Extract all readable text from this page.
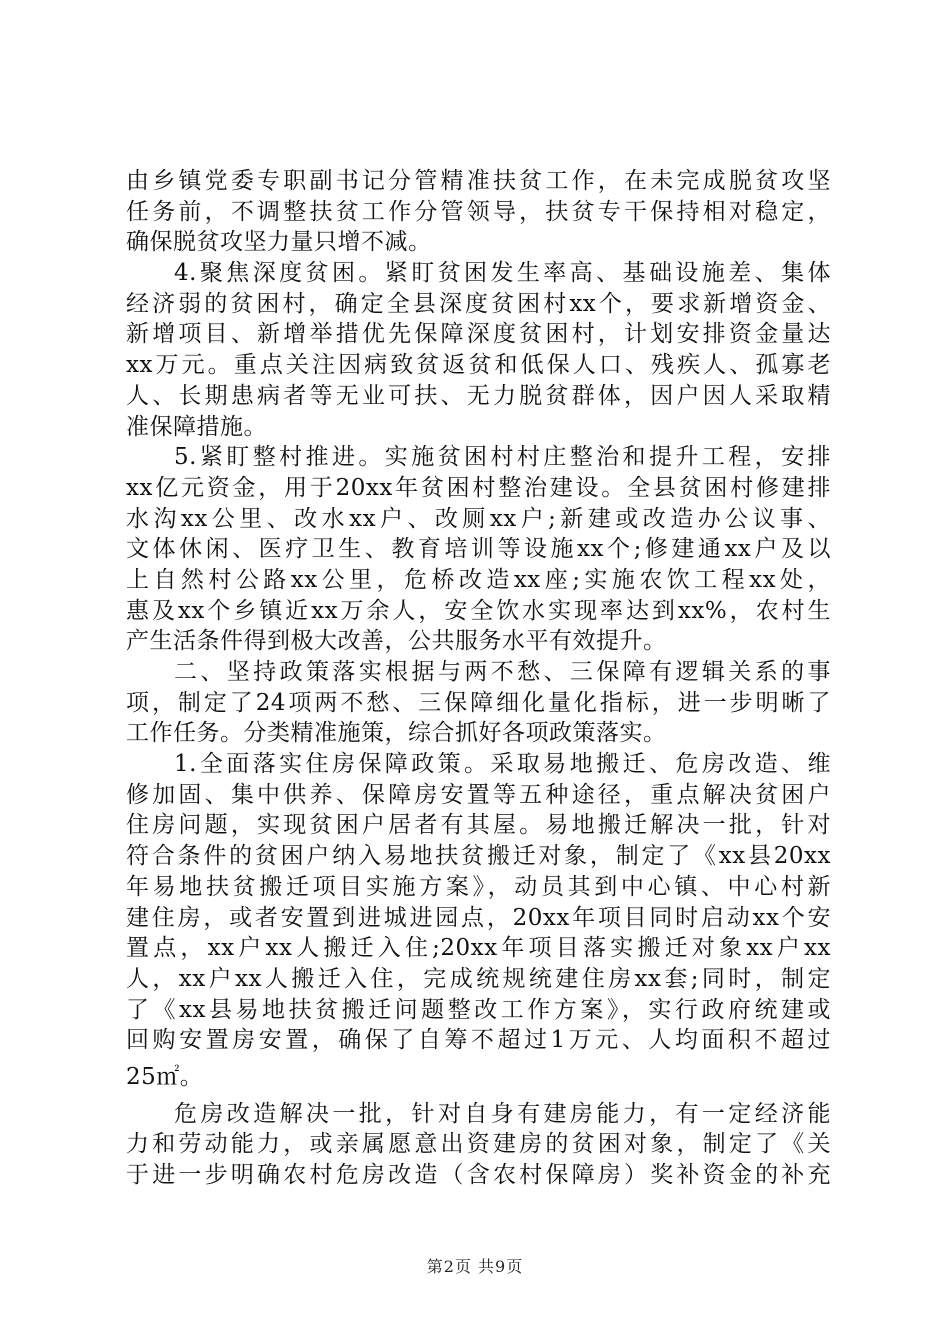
由乡镇党委专职副书记分管精准扶贫工作，在未完成脱贫攻坚
任务前，不调整扶贫工作分管领导，扶贫专干保持相对稳定，
确保脱贫攻坚力量只增不减。
4.聚焦深度贫困。紧盯贫困发生率高、基础设施差、集体
经济弱的贫困村，确定全县深度贫困村xx个，要求新增资金、
新增项目、新增举措优先保障深度贫困村，计划安排资金量达
xx万元。重点关注因病致贫返贫和低保人口、残疾人、孤寡老
人、长期患病者等无业可扶、无力脱贫群体，因户因人采取精
准保障措施。
5.紧盯整村推进。实施贫困村村庄整治和提升工程，安排
xx亿元资金，用于20xx年贫困村整治建设。全县贫困村修建排
水沟xx公里、改水xx户、改厕xx户;新建或改造办公议事、
文体休闲、医疗卫生、教育培训等设施xx个;修建通xx户及以
上自然村公路xx公里，危桥改造xx座;实施农饮工程xx处，
惠及xx个乡镇近xx万余人，安全饮水实现率达到xx%，农村生
产生活条件得到极大改善，公共服务水平有效提升。
二、坚持政策落实根据与两不愁、三保障有逻辑关系的事
项，制定了24项两不愁、三保障细化量化指标，进一步明晰了
工作任务。分类精准施策，综合抓好各项政策落实。
1.全面落实住房保障政策。采取易地搬迁、危房改造、维
修加固、集中供养、保障房安置等五种途径，重点解决贫困户
住房问题，实现贫困户居者有其屋。易地搬迁解决一批，针对
符合条件的贫困户纳入易地扶贫搬迁对象，制定了《xx县20xx
年易地扶贫搬迁项目实施方案》，动员其到中心镇、中心村新
建住房，或者安置到进城进园点，20xx年项目同时启动xx个安
置点，xx户xx人搬迁入住;20xx年项目落实搬迁对象xx户xx
人，xx户xx人搬迁入住，完成统规统建住房xx套;同时，制定
了《xx县易地扶贫搬迁问题整改工作方案》，实行政府统建或
回购安置房安置，确保了自筹不超过1万元、人均面积不超过
25㎡。
危房改造解决一批，针对自身有建房能力，有一定经济能
力和劳动能力，或亲属愿意出资建房的贫困对象，制定了《关
于进一步明确农村危房改造（含农村保障房）奖补资金的补充
第2页 共9页
